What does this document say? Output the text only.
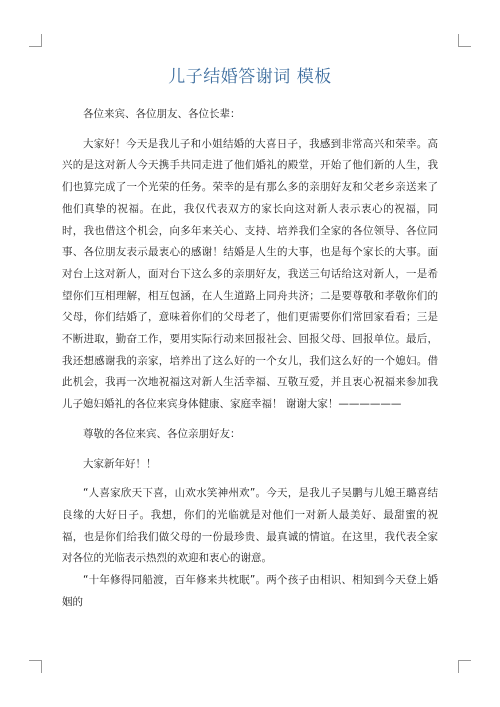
儿子结婚答谢词 模板

各位来宾、各位朋友、各位长辈：

大家好！今天是我儿子和小姐结婚的大喜日子，我感到非常高兴和荣幸。高兴的是这对新人今天携手共同走进了他们婚礼的殿堂，开始了他们新的人生，我们也算完成了一个光荣的任务。荣幸的是有那么多的亲朋好友和父老乡亲送来了他们真挚的祝福。在此，我仅代表双方的家长向这对新人表示衷心的祝福，同时，我也借这个机会，向多年来关心、支持、培养我们全家的各位领导、各位同事、各位朋友表示最衷心的感谢！结婚是人生的大事，也是每个家长的大事。面对台上这对新人，面对台下这么多的亲朋好友，我送三句话给这对新人，一是希望你们互相理解，相互包涵，在人生道路上同舟共济；二是要尊敬和孝敬你们的父母，你们结婚了，意味着你们的父母老了，他们更需要你们常回家看看；三是不断进取，勤奋工作，要用实际行动来回报社会、回报父母、回报单位。最后，我还想感谢我的亲家，培养出了这么好的一个女儿，我们这么好的一个媳妇。借此机会，我再一次地祝福这对新人生活幸福、互敬互爱，并且衷心祝福来参加我儿子媳妇婚礼的各位来宾身体健康、家庭幸福！ 谢谢大家！——————

尊敬的各位来宾、各位亲朋好友：

大家新年好！！

“人喜家欣天下喜，山欢水笑神州欢”。今天，是我儿子吴鹏与儿媳王璐喜结良缘的大好日子。我想，你们的光临就是对他们一对新人最美好、最甜蜜的祝福，也是你们给我们做父母的一份最珍贵、最真诚的情谊。在这里，我代表全家对各位的光临表示热烈的欢迎和衷心的谢意。

“十年修得同船渡，百年修来共枕眠”。两个孩子由相识、相知到今天登上婚姻的
